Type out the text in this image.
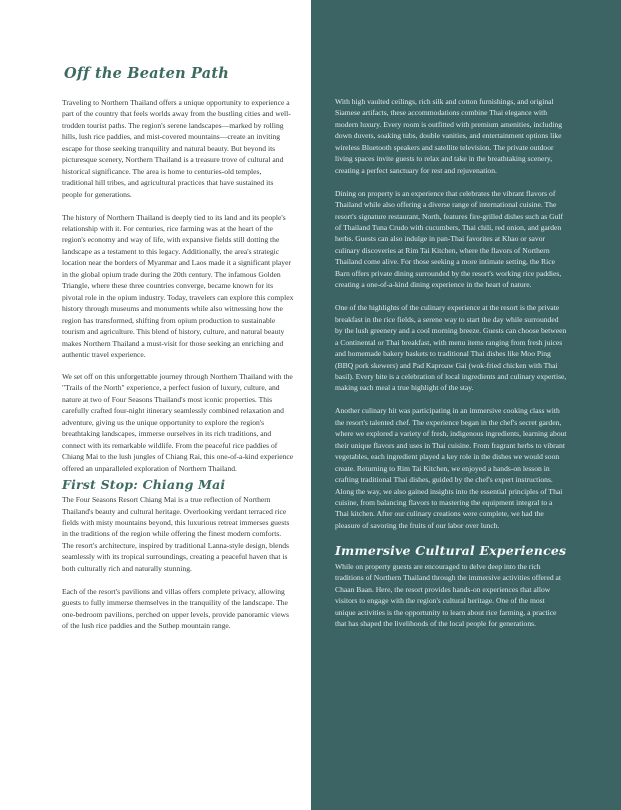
Off the Beaten Path

Traveling to Northern Thailand offers a unique opportunity to experience a part of the country that feels worlds away from the bustling cities and well-trodden tourist paths. The region's serene landscapes—marked by rolling hills, lush rice paddies, and mist-covered mountains—create an inviting escape for those seeking tranquility and natural beauty. But beyond its picturesque scenery, Northern Thailand is a treasure trove of cultural and historical significance. The area is home to centuries-old temples, traditional hill tribes, and agricultural practices that have sustained its people for generations.

The history of Northern Thailand is deeply tied to its land and its people's relationship with it. For centuries, rice farming was at the heart of the region's economy and way of life, with expansive fields still dotting the landscape as a testament to this legacy. Additionally, the area's strategic location near the borders of Myanmar and Laos made it a significant player in the global opium trade during the 20th century. The infamous Golden Triangle, where these three countries converge, became known for its pivotal role in the opium industry. Today, travelers can explore this complex history through museums and monuments while also witnessing how the region has transformed, shifting from opium production to sustainable tourism and agriculture. This blend of history, culture, and natural beauty makes Northern Thailand a must-visit for those seeking an enriching and authentic travel experience.

We set off on this unforgettable journey through Northern Thailand with the "Trails of the North" experience, a perfect fusion of luxury, culture, and nature at two of Four Seasons Thailand's most iconic properties. This carefully crafted four-night itinerary seamlessly combined relaxation and adventure, giving us the unique opportunity to explore the region's breathtaking landscapes, immerse ourselves in its rich traditions, and connect with its remarkable wildlife. From the peaceful rice paddies of Chiang Mai to the lush jungles of Chiang Rai, this one-of-a-kind experience offered an unparalleled exploration of Northern Thailand.

First Stop: Chiang Mai

The Four Seasons Resort Chiang Mai is a true reflection of Northern Thailand's beauty and cultural heritage. Overlooking verdant terraced rice fields with misty mountains beyond, this luxurious retreat immerses guests in the traditions of the region while offering the finest modern comforts. The resort's architecture, inspired by traditional Lanna-style design, blends seamlessly with its tropical surroundings, creating a peaceful haven that is both culturally rich and naturally stunning.

Each of the resort's pavilions and villas offers complete privacy, allowing guests to fully immerse themselves in the tranquility of the landscape. The one-bedroom pavilions, perched on upper levels, provide panoramic views of the lush rice paddies and the Suthep mountain range.

With high vaulted ceilings, rich silk and cotton furnishings, and original Siamese artifacts, these accommodations combine Thai elegance with modern luxury. Every room is outfitted with premium amenities, including down duvets, soaking tubs, double vanities, and entertainment options like wireless Bluetooth speakers and satellite television. The private outdoor living spaces invite guests to relax and take in the breathtaking scenery, creating a perfect sanctuary for rest and rejuvenation.

Dining on property is an experience that celebrates the vibrant flavors of Thailand while also offering a diverse range of international cuisine. The resort's signature restaurant, North, features fire-grilled dishes such as Gulf of Thailand Tuna Crudo with cucumbers, Thai chili, red onion, and garden herbs. Guests can also indulge in pan-Thai favorites at Khao or savor culinary discoveries at Rim Tai Kitchen, where the flavors of Northern Thailand come alive. For those seeking a more intimate setting, the Rice Barn offers private dining surrounded by the resort's working rice paddies, creating a one-of-a-kind dining experience in the heart of nature.

One of the highlights of the culinary experience at the resort is the private breakfast in the rice fields, a serene way to start the day while surrounded by the lush greenery and a cool morning breeze. Guests can choose between a Continental or Thai breakfast, with menu items ranging from fresh juices and homemade bakery baskets to traditional Thai dishes like Moo Ping (BBQ pork skewers) and Pad Kaproaw Gai (wok-fried chicken with Thai basil). Every bite is a celebration of local ingredients and culinary expertise, making each meal a true highlight of the stay.

Another culinary hit was participating in an immersive cooking class with the resort's talented chef. The experience began in the chef's secret garden, where we explored a variety of fresh, indigenous ingredients, learning about their unique flavors and uses in Thai cuisine. From fragrant herbs to vibrant vegetables, each ingredient played a key role in the dishes we would soon create. Returning to Rim Tai Kitchen, we enjoyed a hands-on lesson in crafting traditional Thai dishes, guided by the chef's expert instructions. Along the way, we also gained insights into the essential principles of Thai cuisine, from balancing flavors to mastering the equipment integral to a Thai kitchen. After our culinary creations were complete, we had the pleasure of savoring the fruits of our labor over lunch.

Immersive Cultural Experiences

While on property guests are encouraged to delve deep into the rich traditions of Northern Thailand through the immersive activities offered at Chaan Baan. Here, the resort provides hands-on experiences that allow visitors to engage with the region's cultural heritage. One of the most unique activities is the opportunity to learn about rice farming, a practice that has shaped the livelihoods of the local people for generations.
